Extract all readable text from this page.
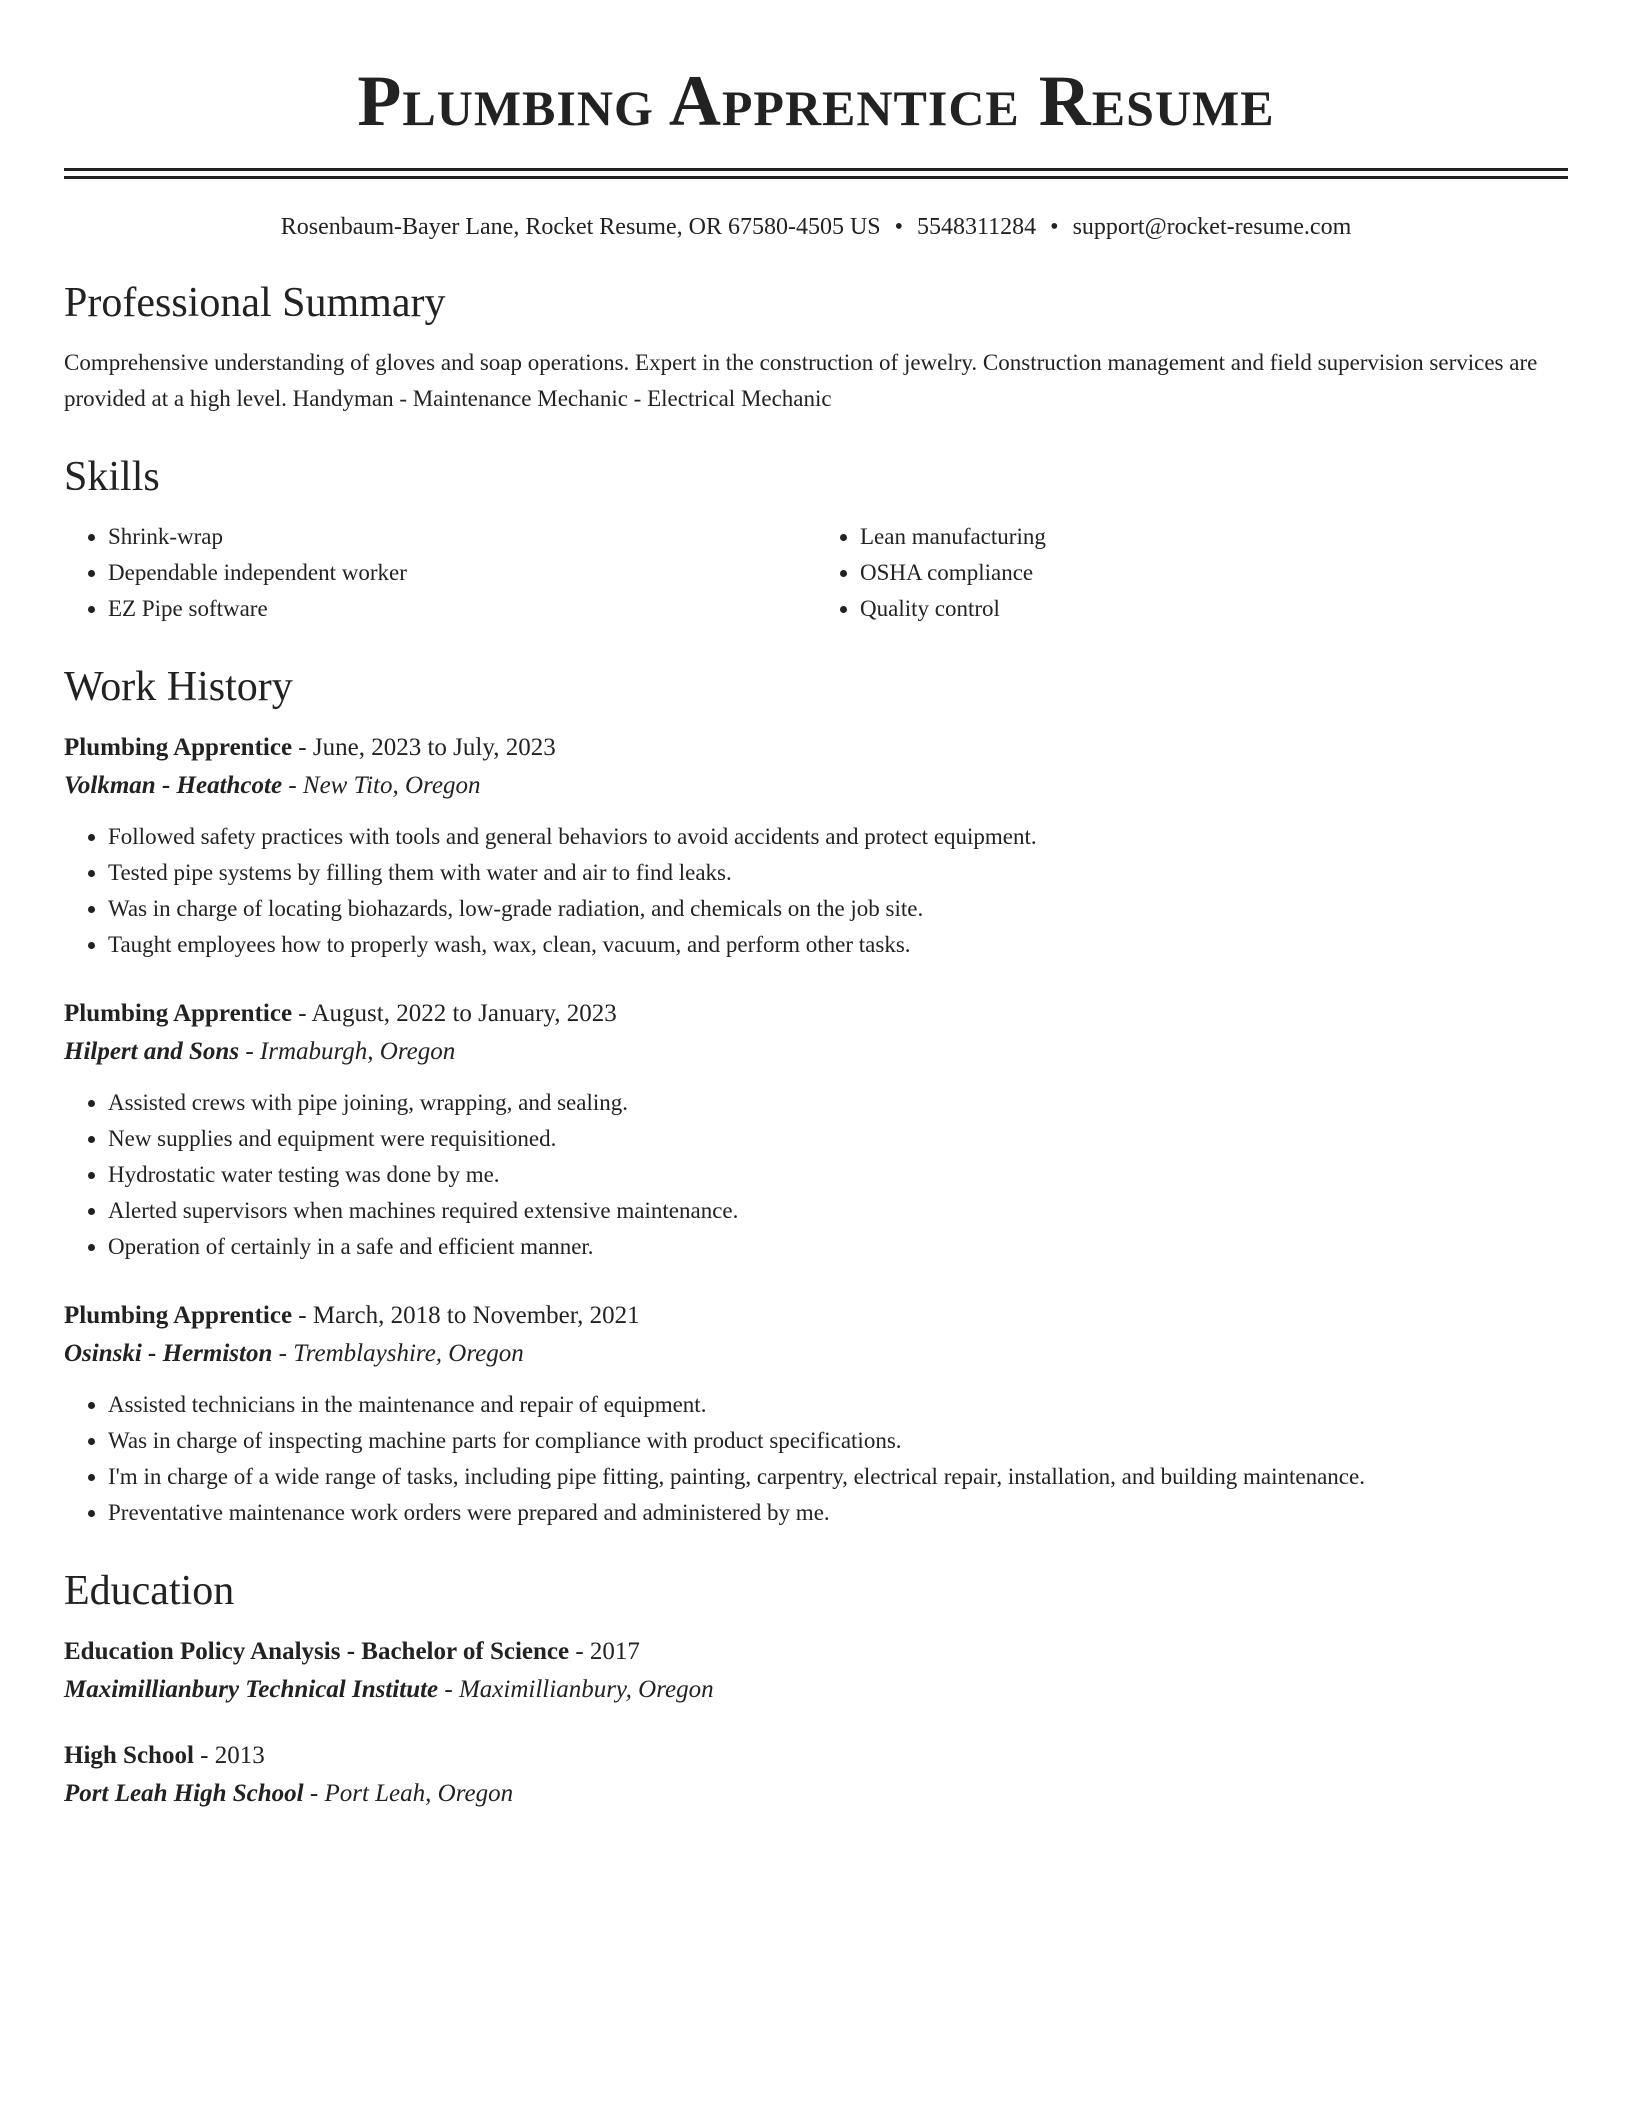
Plumbing Apprentice Resume
Rosenbaum-Bayer Lane, Rocket Resume, OR 67580-4505 US • 5548311284 • support@rocket-resume.com
Professional Summary

Comprehensive understanding of gloves and soap operations. Expert in the construction of jewelry. Construction management and field supervision services are provided at a high level. Handyman - Maintenance Mechanic - Electrical Mechanic

Skills
• Shrink-wrap
• Dependable independent worker
• EZ Pipe software
• Lean manufacturing
• OSHA compliance
• Quality control
Work History
Plumbing Apprentice - June, 2023 to July, 2023
Volkman - Heathcote - New Tito, Oregon
• Followed safety practices with tools and general behaviors to avoid accidents and protect equipment.
• Tested pipe systems by filling them with water and air to find leaks.
• Was in charge of locating biohazards, low-grade radiation, and chemicals on the job site.
• Taught employees how to properly wash, wax, clean, vacuum, and perform other tasks.
Plumbing Apprentice - August, 2022 to January, 2023
Hilpert and Sons - Irmaburgh, Oregon
• Assisted crews with pipe joining, wrapping, and sealing.
• New supplies and equipment were requisitioned.
• Hydrostatic water testing was done by me.
• Alerted supervisors when machines required extensive maintenance.
• Operation of certainly in a safe and efficient manner.
Plumbing Apprentice - March, 2018 to November, 2021
Osinski - Hermiston - Tremblayshire, Oregon
• Assisted technicians in the maintenance and repair of equipment.
• Was in charge of inspecting machine parts for compliance with product specifications.
• I'm in charge of a wide range of tasks, including pipe fitting, painting, carpentry, electrical repair, installation, and building maintenance.
• Preventative maintenance work orders were prepared and administered by me.
Education
Education Policy Analysis - Bachelor of Science - 2017
Maximillianbury Technical Institute - Maximillianbury, Oregon
High School - 2013
Port Leah High School - Port Leah, Oregon
